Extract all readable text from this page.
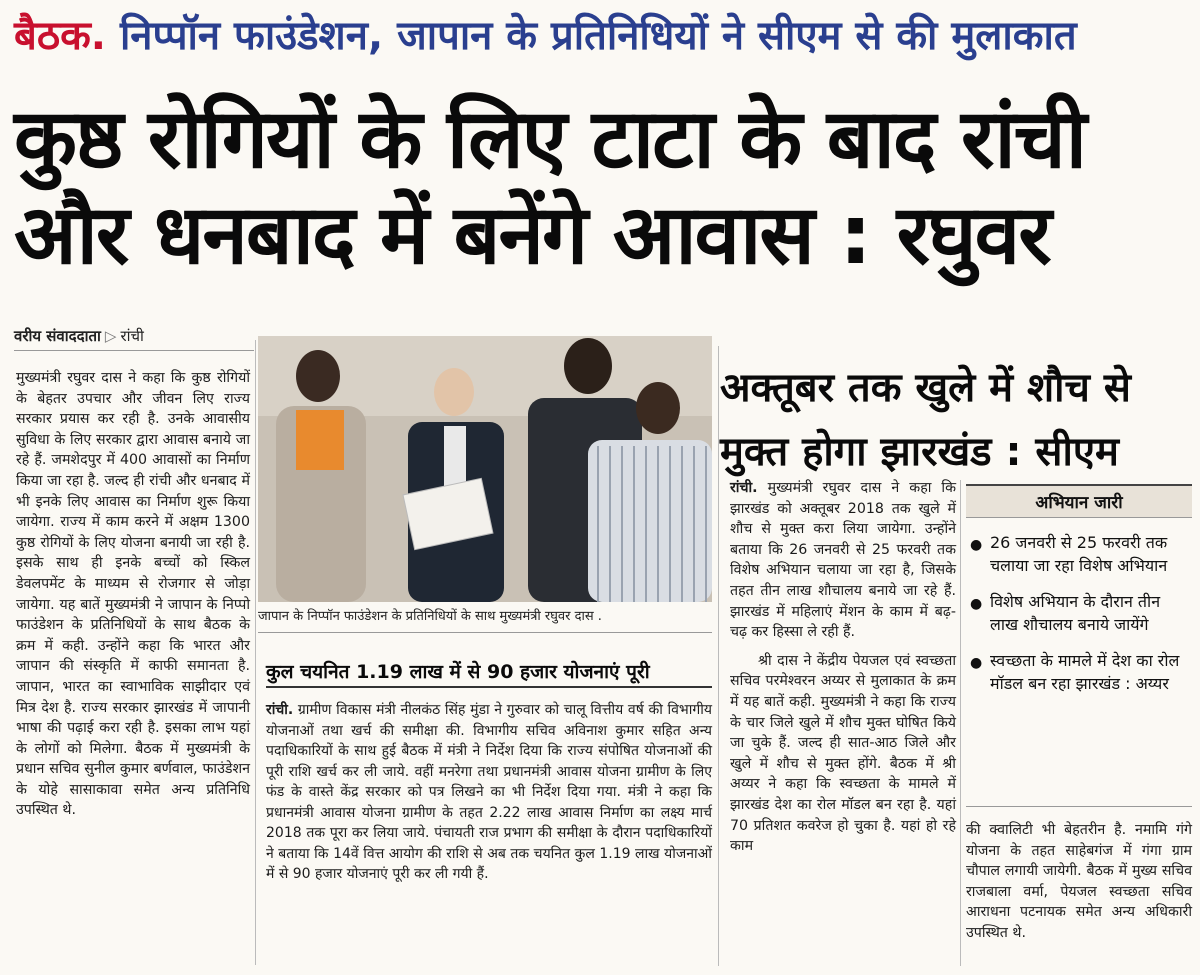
बैठक. निप्पॉन फाउंडेशन, जापान के प्रतिनिधियों ने सीएम से की मुलाकात
कुष्ठ रोगियों के लिए टाटा के बाद रांची
और धनबाद में बनेंगे आवास : रघुवर
वरीय संवाददाता ▷ रांची

मुख्यमंत्री रघुवर दास ने कहा कि कुष्ठ रोगियों के बेहतर उपचार और जीवन लिए राज्य सरकार प्रयास कर रही है. उनके आवासीय सुविधा के लिए सरकार द्वारा आवास बनाये जा रहे हैं. जमशेदपुर में 400 आवासों का निर्माण किया जा रहा है. जल्द ही रांची और धनबाद में भी इनके लिए आवास का निर्माण शुरू किया जायेगा. राज्य में काम करने में अक्षम 1300 कुष्ठ रोगियों के लिए योजना बनायी जा रही है. इसके साथ ही इनके बच्चों को स्किल डेवलपमेंट के माध्यम से रोजगार से जोड़ा जायेगा. यह बातें मुख्यमंत्री ने जापान के निप्पो फाउंडेशन के प्रतिनिधियों के साथ बैठक के क्रम में कही. उन्होंने कहा कि भारत और जापान की संस्कृति में काफी समानता है. जापान, भारत का स्वाभाविक साझीदार एवं मित्र देश है. राज्य सरकार झारखंड में जापानी भाषा की पढ़ाई करा रही है. इसका लाभ यहां के लोगों को मिलेगा. बैठक में मुख्यमंत्री के प्रधान सचिव सुनील कुमार बर्णवाल, फाउंडेशन के योहे सासाकावा समेत अन्य प्रतिनिधि उपस्थित थे.

जापान के निप्पॉन फाउंडेशन के प्रतिनिधियों के साथ मुख्यमंत्री रघुवर दास .
कुल चयनित 1.19 लाख में से 90 हजार योजनाएं पूरी

रांची. ग्रामीण विकास मंत्री नीलकंठ सिंह मुंडा ने गुरुवार को चालू वित्तीय वर्ष की विभागीय योजनाओं तथा खर्च की समीक्षा की. विभागीय सचिव अविनाश कुमार सहित अन्य पदाधिकारियों के साथ हुई बैठक में मंत्री ने निर्देश दिया कि राज्य संपोषित योजनाओं की पूरी राशि खर्च कर ली जाये. वहीं मनरेगा तथा प्रधानमंत्री आवास योजना ग्रामीण के लिए फंड के वास्ते केंद्र सरकार को पत्र लिखने का भी निर्देश दिया गया. मंत्री ने कहा कि प्रधानमंत्री आवास योजना ग्रामीण के तहत 2.22 लाख आवास निर्माण का लक्ष्य मार्च 2018 तक पूरा कर लिया जाये. पंचायती राज प्रभाग की समीक्षा के दौरान पदाधिकारियों ने बताया कि 14वें वित्त आयोग की राशि से अब तक चयनित कुल 1.19 लाख योजनाओं में से 90 हजार योजनाएं पूरी कर ली गयी हैं.

अक्तूबर तक खुले में शौच से
मुक्त होगा झारखंड : सीएम

रांची. मुख्यमंत्री रघुवर दास ने कहा कि झारखंड को अक्तूबर 2018 तक खुले में शौच से मुक्त करा लिया जायेगा. उन्होंने बताया कि 26 जनवरी से 25 फरवरी तक विशेष अभियान चलाया जा रहा है, जिसके तहत तीन लाख शौचालय बनाये जा रहे हैं. झारखंड में महिलाएं मेंशन के काम में बढ़-चढ़ कर हिस्सा ले रही हैं.

श्री दास ने केंद्रीय पेयजल एवं स्वच्छता सचिव परमेश्वरन अय्यर से मुलाकात के क्रम में यह बातें कही. मुख्यमंत्री ने कहा कि राज्य के चार जिले खुले में शौच मुक्त घोषित किये जा चुके हैं. जल्द ही सात-आठ जिले और खुले में शौच से मुक्त होंगे. बैठक में श्री अय्यर ने कहा कि स्वच्छता के मामले में झारखंड देश का रोल मॉडल बन रहा है. यहां 70 प्रतिशत कवरेज हो चुका है. यहां हो रहे काम

अभियान जारी
● 26 जनवरी से 25 फरवरी तक चलाया जा रहा विशेष अभियान
● विशेष अभियान के दौरान तीन लाख शौचालय बनाये जायेंगे
● स्वच्छता के मामले में देश का रोल मॉडल बन रहा झारखंड : अय्यर

की क्वालिटी भी बेहतरीन है. नमामि गंगे योजना के तहत साहेबगंज में गंगा ग्राम चौपाल लगायी जायेगी. बैठक में मुख्य सचिव राजबाला वर्मा, पेयजल स्वच्छता सचिव आराधना पटनायक समेत अन्य अधिकारी उपस्थित थे.
